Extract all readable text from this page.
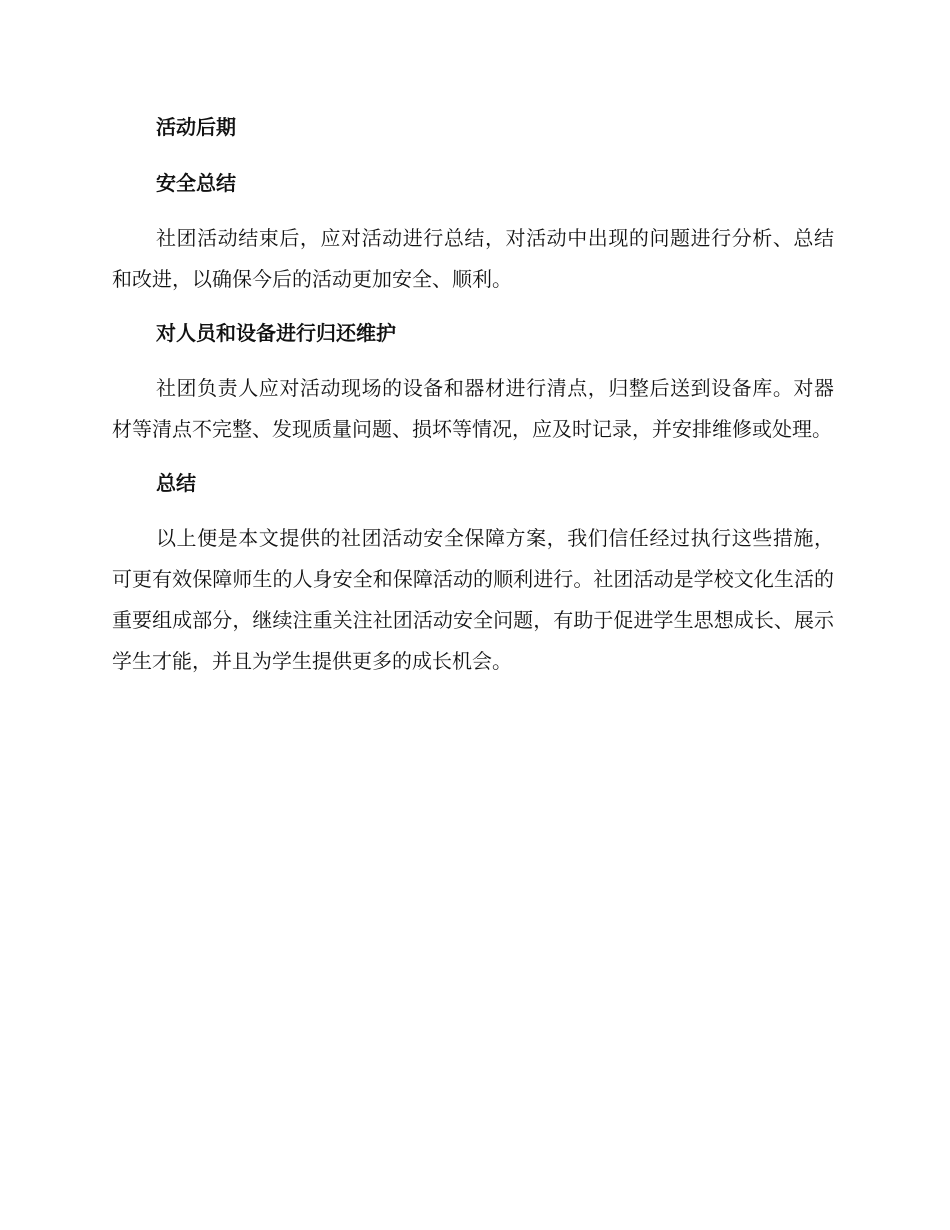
活动后期
安全总结

社团活动结束后，应对活动进行总结，对活动中出现的问题进行分析、总结和改进，以确保今后的活动更加安全、顺利。

对人员和设备进行归还维护

社团负责人应对活动现场的设备和器材进行清点，归整后送到设备库。对器材等清点不完整、发现质量问题、损坏等情况，应及时记录，并安排维修或处理。

总结

以上便是本文提供的社团活动安全保障方案，我们信任经过执行这些措施，可更有效保障师生的人身安全和保障活动的顺利进行。社团活动是学校文化生活的重要组成部分，继续注重关注社团活动安全问题，有助于促进学生思想成长、展示学生才能，并且为学生提供更多的成长机会。
